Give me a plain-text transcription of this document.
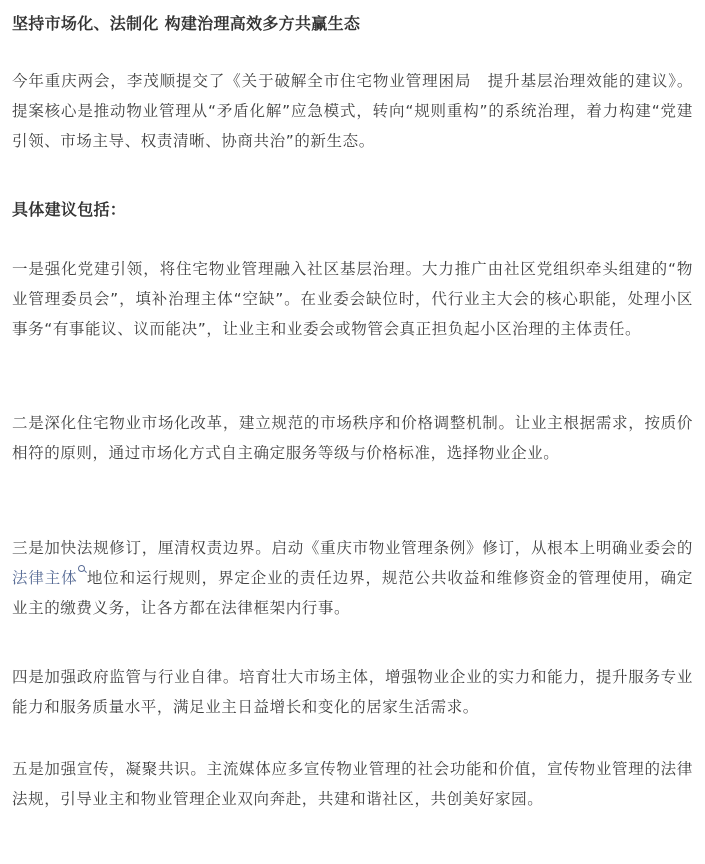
坚持市场化、法制化 构建治理高效多方共赢生态

今年重庆两会，李茂顺提交了《关于破解全市住宅物业管理困局　提升基层治理效能的建议》。提案核心是推动物业管理从“矛盾化解”应急模式，转向“规则重构”的系统治理，着力构建“党建引领、市场主导、权责清晰、协商共治”的新生态。

具体建议包括：

一是强化党建引领，将住宅物业管理融入社区基层治理。大力推广由社区党组织牵头组建的“物业管理委员会”，填补治理主体“空缺”。在业委会缺位时，代行业主大会的核心职能，处理小区事务“有事能议、议而能决”，让业主和业委会或物管会真正担负起小区治理的主体责任。

二是深化住宅物业市场化改革，建立规范的市场秩序和价格调整机制。让业主根据需求，按质价相符的原则，通过市场化方式自主确定服务等级与价格标准，选择物业企业。

三是加快法规修订，厘清权责边界。启动《重庆市物业管理条例》修订，从根本上明确业委会的法律主体 地位和运行规则，界定企业的责任边界，规范公共收益和维修资金的管理使用，确定业主的缴费义务，让各方都在法律框架内行事。

四是加强政府监管与行业自律。培育壮大市场主体，增强物业企业的实力和能力，提升服务专业能力和服务质量水平，满足业主日益增长和变化的居家生活需求。

五是加强宣传，凝聚共识。主流媒体应多宣传物业管理的社会功能和价值，宣传物业管理的法律法规，引导业主和物业管理企业双向奔赴，共建和谐社区，共创美好家园。
